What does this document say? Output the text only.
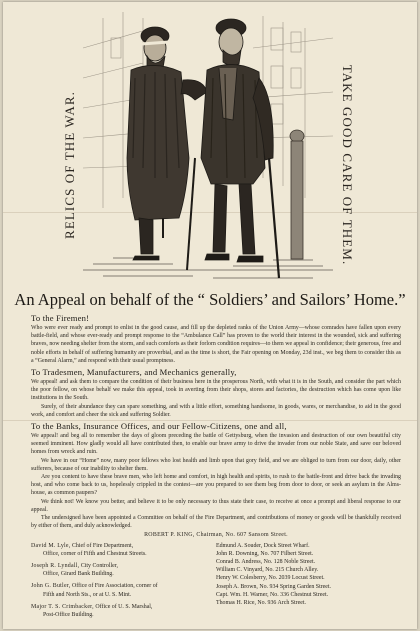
RELICS OF THE WAR.	TAKE GOOD CARE OF THEM.
An Appeal on behalf of the “ Soldiers’ and Sailors’ Home.”
To the Firemen!

Who were ever ready and prompt to enlist in the good cause, and fill up the depleted ranks of the Union Army—whose comrades have fallen upon every battle-field, and whose ever-ready and prompt response to the “Ambulance Call” has proven to the world their interest in the wounded, sick and suffering braves, now needing shelter from the storm, and such comforts as their forlorn condition requires—to them we appeal in confidence; their generous, free and noble efforts in behalf of suffering humanity are proverbial, and as the time is short, the Fair opening on Monday, 23d inst., we beg them to consider this as a “General Alarm,” and respond with their usual promptness.

To Tradesmen, Manufacturers, and Mechanics generally,

We appeal! and ask them to compare the condition of their business here in the prosperous North, with what it is in the South, and consider the part which the poor fellow, on whose behalf we make this appeal, took in averting from their shops, stores and factories, the destruction which has come upon like institutions in the South.

Surely, of their abundance they can spare something, and with a little effort, something handsome, in goods, wares, or merchandise, to aid in the good work, and comfort and cheer the sick and suffering Soldier.

To the Banks, Insurance Offices, and our Fellow-Citizens, one and all,

We appeal! and beg all to remember the days of gloom preceding the battle of Gettysburg, when the invasion and destruction of our own beautiful city seemed imminent. How gladly would all have contributed then, to enable our brave army to drive the invader from our noble State, and save our beloved homes from wreck and ruin.

We have in our “Home” now, many poor fellows who lost health and limb upon that gory field, and we are obliged to turn from our door, daily, other sufferers, because of our inability to shelter them.

Are you content to have these brave men, who left home and comfort, in high health and spirits, to rush to the battle-front and drive back the invading host, and who come back to us, hopelessly crippled in the contest—are you prepared to see them beg from door to door, or seek an asylum in the Alms-house, as common paupers?

We think not! We know you better, and believe it to be only necessary to thus state their case, to receive at once a prompt and liberal response to our appeal.

The undersigned have been appointed a Committee on behalf of the Fire Department, and contributions of money or goods will be thankfully received by either of them, and duly acknowledged.

ROBERT P. KING, Chairman, No. 607 Sansom Street.
David M. Lyle, Chief of Fire Department,
Office, corner of Fifth and Chestnut Streets.
Joseph R. Lyndall, City Controller,
Office, Girard Bank Building.
John G. Butler, Office of Fire Association, corner of
Fifth and North Sts., or at U. S. Mint.
Major T. S. Crimbacker, Office of U. S. Marshal,
Post-Office Building.
Edmund A. Souder, Dock Street Wharf.
John R. Downing, No. 707 Filbert Street.
Conrad B. Andress, No. 128 Noble Street.
William C. Vinyard, No. 215 Church Alley.
Henry W. Colesberry, No. 2039 Locust Street.
Joseph A. Brown, No. 934 Spring Garden Street.
Capt. Wm. H. Warner, No. 336 Chestnut Street.
Thomas H. Rice, No. 936 Arch Street.
